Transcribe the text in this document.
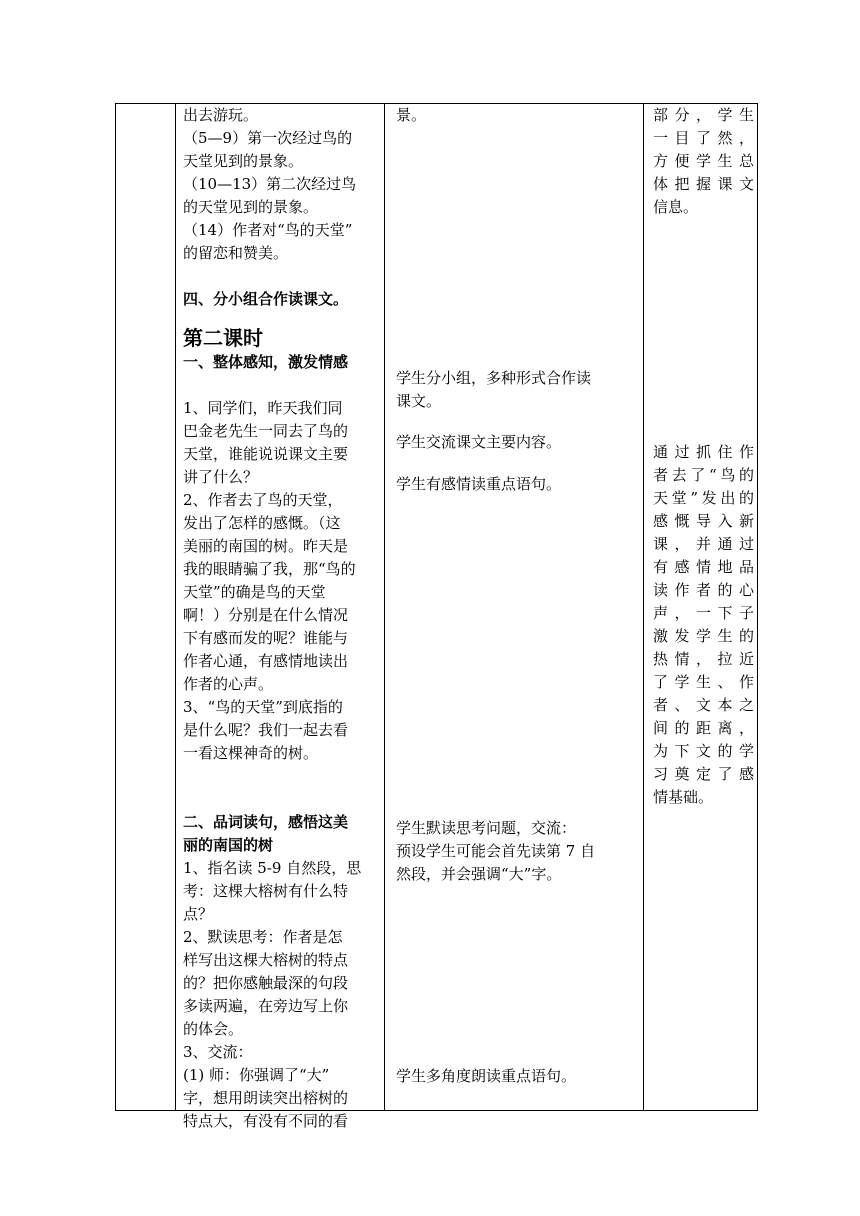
出去游玩。

（5—9）第一次经过鸟的

天堂见到的景象。

（10—13）第二次经过鸟

的天堂见到的景象。

（14）作者对“鸟的天堂”

的留恋和赞美。

四、分小组合作读课文。

第二课时

一、整体感知，激发情感

1、同学们，昨天我们同

巴金老先生一同去了鸟的

天堂，谁能说说课文主要

讲了什么？

2、作者去了鸟的天堂，

发出了怎样的感慨。（这

美丽的南国的树。昨天是

我的眼睛骗了我，那“鸟的

天堂”的确是鸟的天堂

啊！）分别是在什么情况

下有感而发的呢？谁能与

作者心通，有感情地读出

作者的心声。

3、“鸟的天堂”到底指的

是什么呢？我们一起去看

一看这棵神奇的树。

二、品词读句，感悟这美

丽的南国的树

1、指名读 5-9 自然段，思

考：这棵大榕树有什么特

点？

2、默读思考：作者是怎

样写出这棵大榕树的特点

的？把你感触最深的句段

多读两遍，在旁边写上你

的体会。

3、交流：

(1) 师：你强调了“大”

字，想用朗读突出榕树的

特点大，有没有不同的看

景。

学生分小组，多种形式合作读

课文。

学生交流课文主要内容。

学生有感情读重点语句。

学生默读思考问题，交流：

预设学生可能会首先读第 7 自

然段，并会强调“大”字。

学生多角度朗读重点语句。

部分，学生

一目了然，

方便学生总

体把握课文

信息。

通过抓住作

者去了“鸟的

天堂”发出的

感慨导入新

课，并通过

有感情地品

读作者的心

声，一下子

激发学生的

热情，拉近

了学生、作

者、文本之

间的距离，

为下文的学

习奠定了感

情基础。
